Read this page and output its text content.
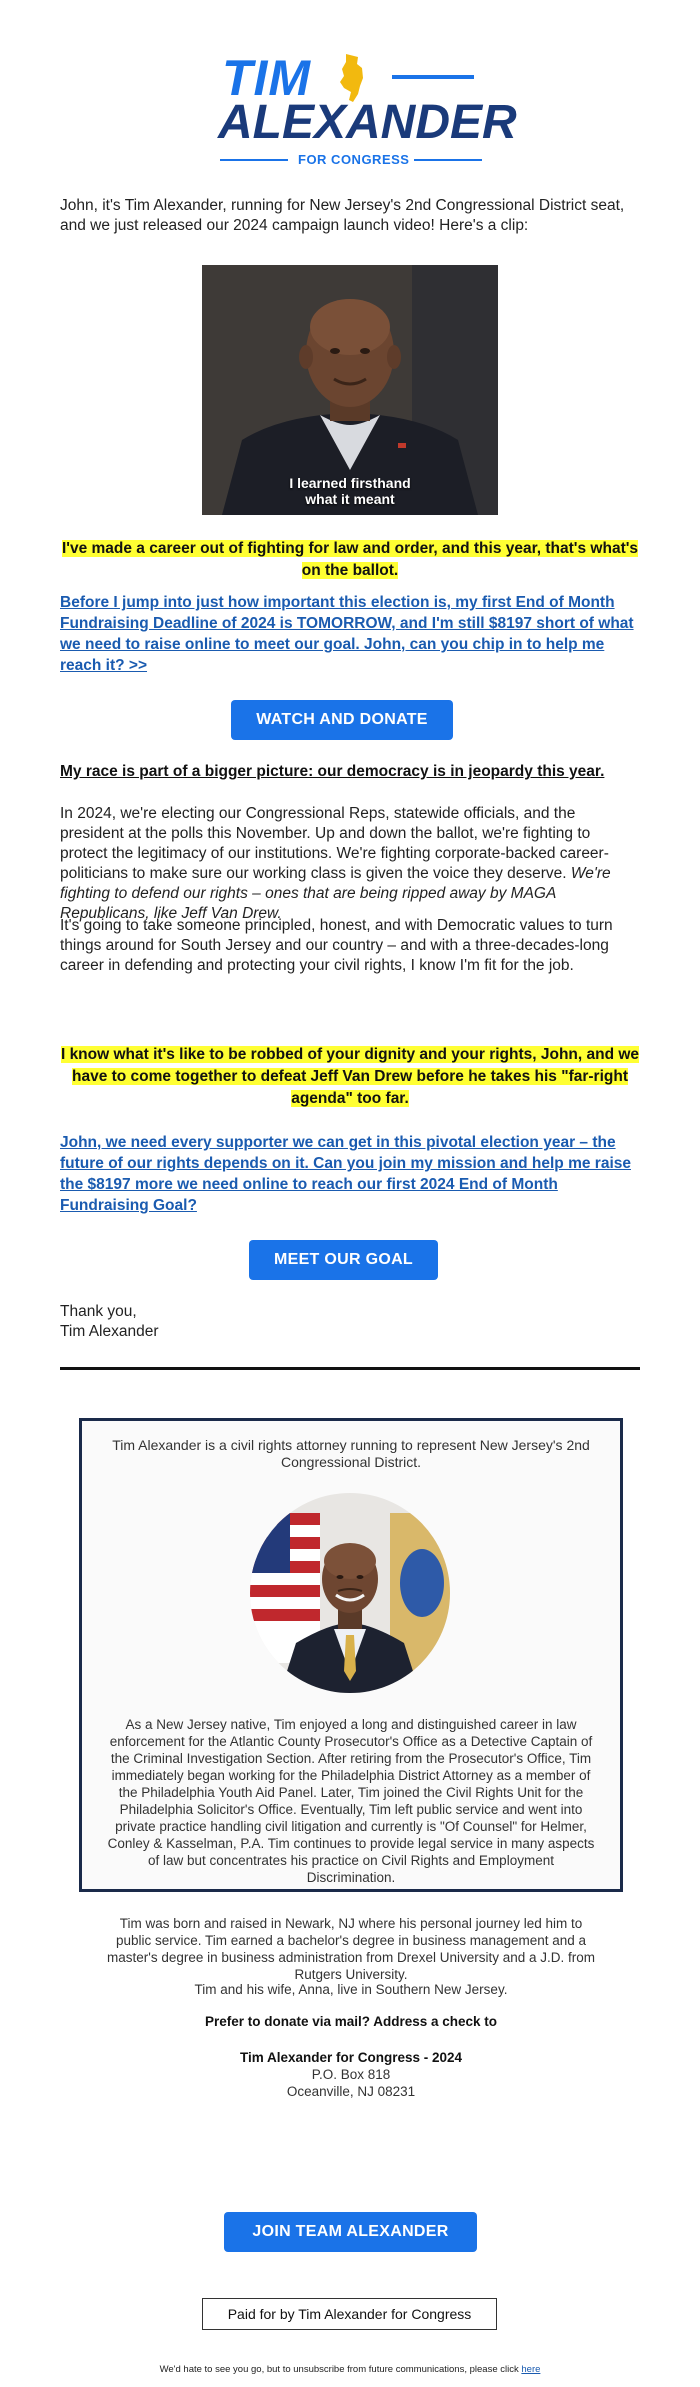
TIM
ALEXANDER
FOR CONGRESS

John, it's Tim Alexander, running for New Jersey's 2nd Congressional District seat, and we just released our 2024 campaign launch video! Here's a clip:

I learned firsthand
what it meant

I've made a career out of fighting for law and order, and this year, that's what's on the ballot.

Before I jump into just how important this election is, my first End of Month Fundraising Deadline of 2024 is TOMORROW, and I'm still $8197 short of what we need to raise online to meet our goal. John, can you chip in to help me reach it? >>

WATCH AND DONATE

My race is part of a bigger picture: our democracy is in jeopardy this year.

In 2024, we're electing our Congressional Reps, statewide officials, and the president at the polls this November. Up and down the ballot, we're fighting to protect the legitimacy of our institutions. We're fighting corporate-backed career-politicians to make sure our working class is given the voice they deserve. We're fighting to defend our rights – ones that are being ripped away by MAGA Republicans, like Jeff Van Drew.

It's going to take someone principled, honest, and with Democratic values to turn things around for South Jersey and our country – and with a three-decades-long career in defending and protecting your civil rights, I know I'm fit for the job.

I know what it's like to be robbed of your dignity and your rights, John, and we have to come together to defeat Jeff Van Drew before he takes his "far-right agenda" too far.

John, we need every supporter we can get in this pivotal election year – the future of our rights depends on it. Can you join my mission and help me raise the $8197 more we need online to reach our first 2024 End of Month Fundraising Goal?

MEET OUR GOAL
Thank you,
Tim Alexander

Tim Alexander is a civil rights attorney running to represent New Jersey's 2nd Congressional District.

As a New Jersey native, Tim enjoyed a long and distinguished career in law enforcement for the Atlantic County Prosecutor's Office as a Detective Captain of the Criminal Investigation Section. After retiring from the Prosecutor's Office, Tim immediately began working for the Philadelphia District Attorney as a member of the Philadelphia Youth Aid Panel. Later, Tim joined the Civil Rights Unit for the Philadelphia Solicitor's Office. Eventually, Tim left public service and went into private practice handling civil litigation and currently is "Of Counsel" for Helmer, Conley & Kasselman, P.A. Tim continues to provide legal service in many aspects of law but concentrates his practice on Civil Rights and Employment Discrimination.

Tim was born and raised in Newark, NJ where his personal journey led him to public service. Tim earned a bachelor's degree in business management and a master's degree in business administration from Drexel University and a J.D. from Rutgers University.

Tim and his wife, Anna, live in Southern New Jersey.

Prefer to donate via mail? Address a check to

Tim Alexander for Congress - 2024

P.O. Box 818

Oceanville, NJ 08231

JOIN TEAM ALEXANDER
Paid for by Tim Alexander for Congress
We'd hate to see you go, but to unsubscribe from future communications, please click here
